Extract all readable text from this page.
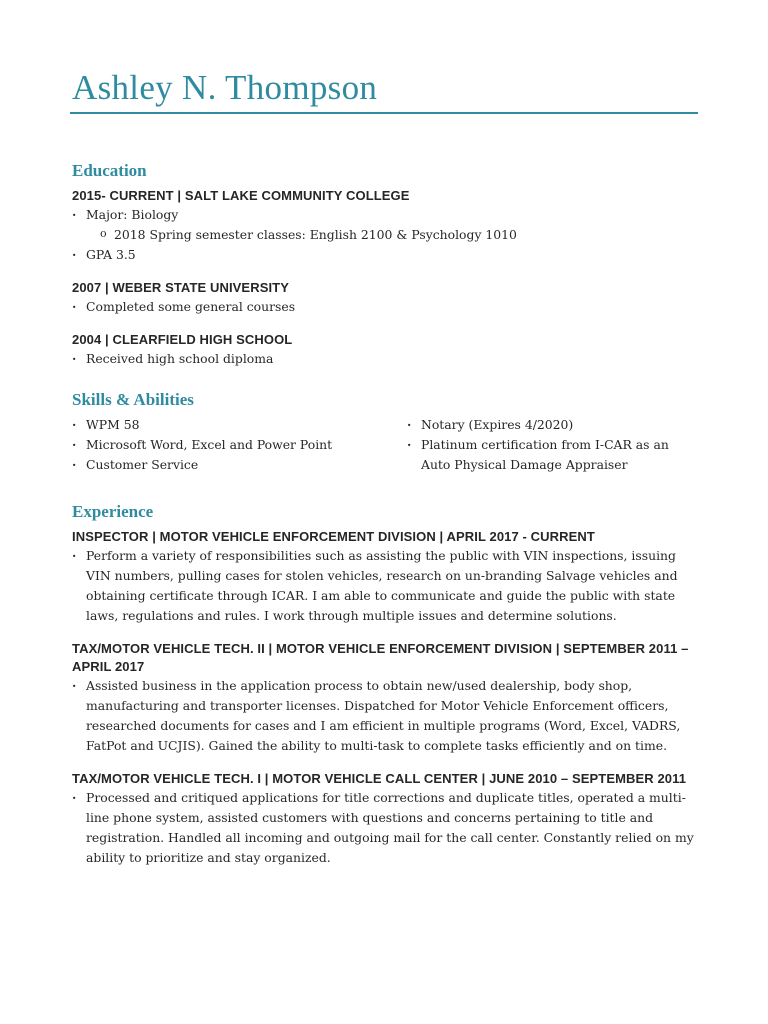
Ashley N. Thompson
Education
2015- CURRENT | SALT LAKE COMMUNITY COLLEGE
· Major: Biology
o 2018 Spring semester classes: English 2100 & Psychology 1010
· GPA 3.5
2007 | WEBER STATE UNIVERSITY
· Completed some general courses
2004 | CLEARFIELD HIGH SCHOOL
· Received high school diploma
Skills & Abilities
· WPM 58
· Microsoft Word, Excel and Power Point
· Customer Service
· Notary (Expires 4/2020)
· Platinum certification from I-CAR as an Auto Physical Damage Appraiser
Experience
INSPECTOR | MOTOR VEHICLE ENFORCEMENT DIVISION | APRIL 2017 - CURRENT
· Perform a variety of responsibilities such as assisting the public with VIN inspections, issuing VIN numbers, pulling cases for stolen vehicles, research on un-branding Salvage vehicles and obtaining certificate through ICAR. I am able to communicate and guide the public with state laws, regulations and rules. I work through multiple issues and determine solutions.
TAX/MOTOR VEHICLE TECH. II | MOTOR VEHICLE ENFORCEMENT DIVISION | SEPTEMBER 2011 – APRIL 2017
· Assisted business in the application process to obtain new/used dealership, body shop, manufacturing and transporter licenses. Dispatched for Motor Vehicle Enforcement officers, researched documents for cases and I am efficient in multiple programs (Word, Excel, VADRS, FatPot and UCJIS). Gained the ability to multi-task to complete tasks efficiently and on time.
TAX/MOTOR VEHICLE TECH. I | MOTOR VEHICLE CALL CENTER | JUNE 2010 – SEPTEMBER 2011
· Processed and critiqued applications for title corrections and duplicate titles, operated a multi-line phone system, assisted customers with questions and concerns pertaining to title and registration. Handled all incoming and outgoing mail for the call center. Constantly relied on my ability to prioritize and stay organized.
